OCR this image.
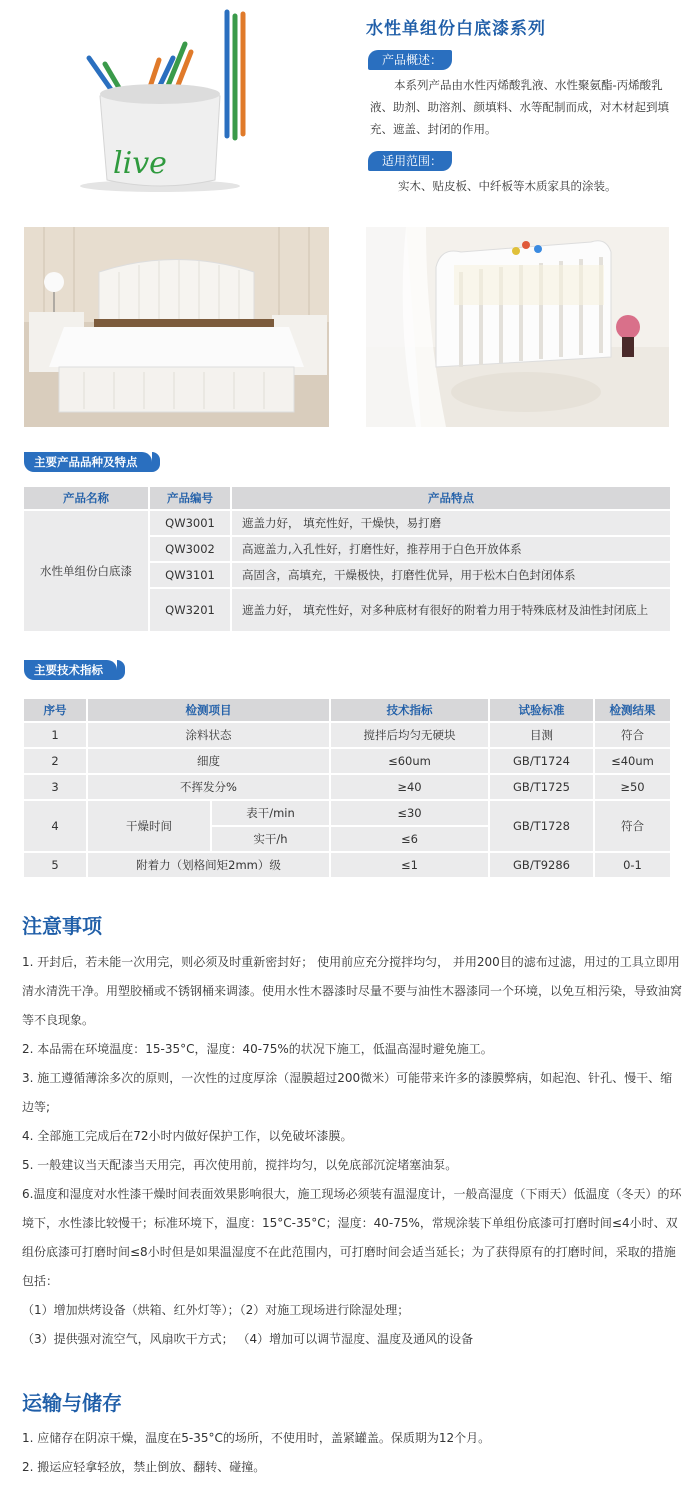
live
水性单组份白底漆系列
产品概述：
本系列产品由水性丙烯酸乳液、水性聚氨酯-丙烯酸乳液、助剂、助溶剂、颜填料、水等配制而成，对木材起到填充、遮盖、封闭的作用。
适用范围：
实木、贴皮板、中纤板等木质家具的涂装。
主要产品品种及特点
产品名称	产品编号	产品特点
水性单组份白底漆	QW3001	遮盖力好， 填充性好，干燥快，易打磨
	QW3002	高遮盖力,入孔性好，打磨性好，推荐用于白色开放体系
	QW3101	高固含，高填充，干燥极快，打磨性优异，用于松木白色封闭体系
	QW3201	遮盖力好， 填充性好，对多种底材有很好的附着力用于特殊底材及油性封闭底上
主要技术指标
序号	检测项目		技术指标	试验标准	检测结果
1	涂料状态		搅拌后均匀无硬块	目测	符合
2	细度		≤60um	GB/T1724	≤40um
3	不挥发分%		≥40	GB/T1725	≥50
4	干燥时间	表干/min	≤30	GB/T1728	符合
		实干/h	≤6		
5	附着力（划格间矩2mm）级		≤1	GB/T9286	0-1
注意事项

1. 开封后，若未能一次用完，则必须及时重新密封好； 使用前应充分搅拌均匀， 并用200目的滤布过滤，用过的工具立即用清水清洗干净。用塑胶桶或不锈钢桶来调漆。使用水性木器漆时尽量不要与油性木器漆同一个环境，以免互相污染，导致油窝等不良现象。

2. 本品需在环境温度：15-35°C，湿度：40-75%的状况下施工，低温高湿时避免施工。

3. 施工遵循薄涂多次的原则，一次性的过度厚涂（湿膜超过200微米）可能带来许多的漆膜弊病，如起泡、针孔、慢干、缩边等;

4. 全部施工完成后在72小时内做好保护工作，以免破坏漆膜。

5. 一般建议当天配漆当天用完，再次使用前，搅拌均匀，以免底部沉淀堵塞油泵。

6.温度和湿度对水性漆干燥时间表面效果影响很大，施工现场必须装有温湿度计，一般高湿度（下雨天）低温度（冬天）的环境下，水性漆比较慢干；标准环境下，温度：15°C-35°C；湿度：40-75%，常规涂装下单组份底漆可打磨时间≤4小时、双组份底漆可打磨时间≤8小时但是如果温湿度不在此范围内，可打磨时间会适当延长；为了获得原有的打磨时间，采取的措施包括：

（1）增加烘烤设备（烘箱、红外灯等）；（2）对施工现场进行除湿处理；

（3）提供强对流空气，风扇吹干方式； （4）增加可以调节湿度、温度及通风的设备

运输与储存

1. 应储存在阴凉干燥，温度在5-35°C的场所，不使用时，盖紧罐盖。保质期为12个月。

2. 搬运应轻拿轻放，禁止倒放、翻转、碰撞。
